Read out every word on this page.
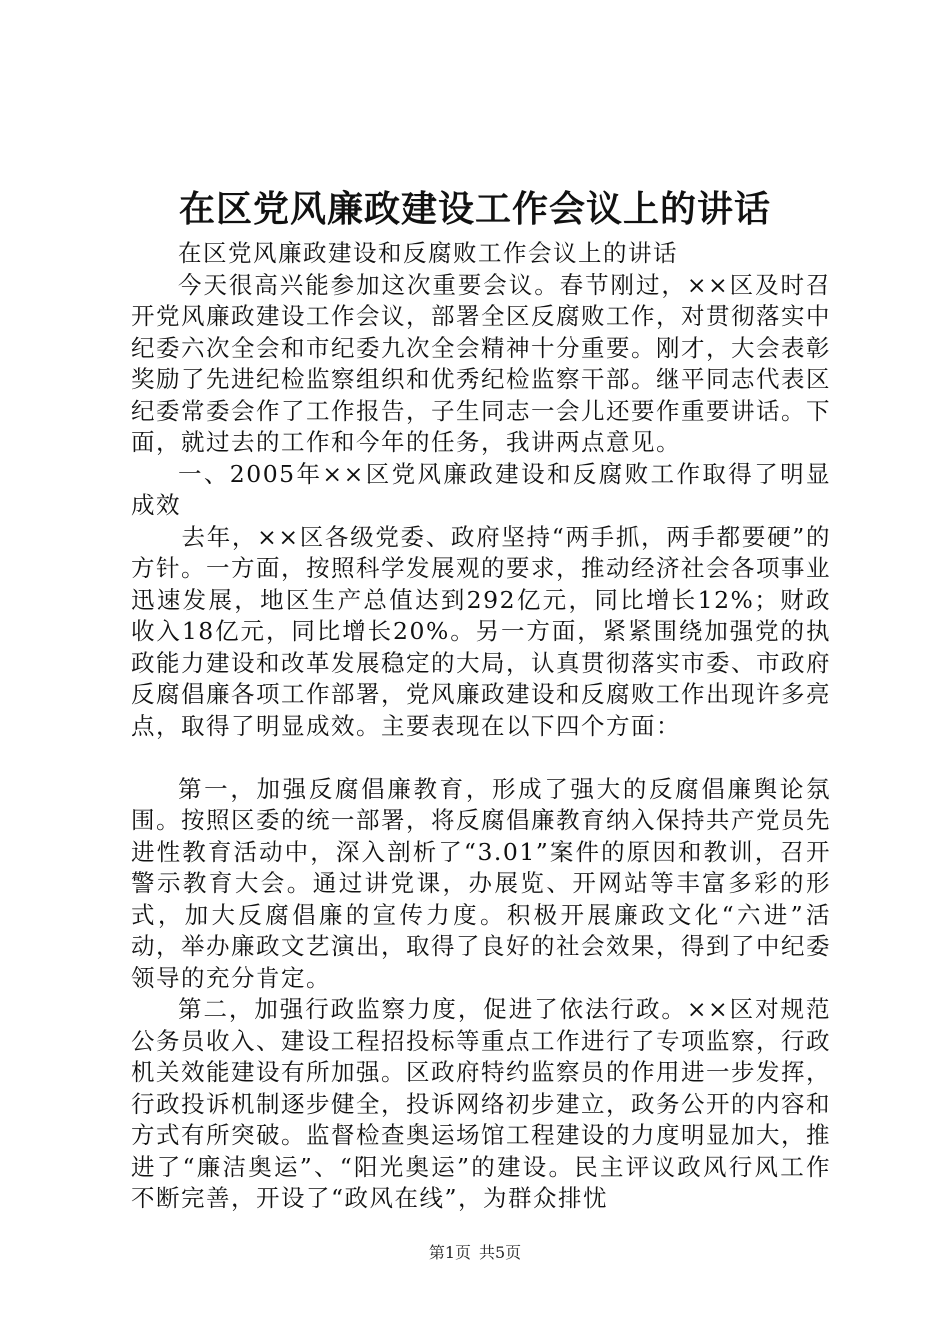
在区党风廉政建设工作会议上的讲话

在区党风廉政建设和反腐败工作会议上的讲话

今天很高兴能参加这次重要会议。春节刚过，××区及时召开党风廉政建设工作会议，部署全区反腐败工作，对贯彻落实中纪委六次全会和市纪委九次全会精神十分重要。刚才，大会表彰奖励了先进纪检监察组织和优秀纪检监察干部。继平同志代表区纪委常委会作了工作报告，子生同志一会儿还要作重要讲话。下面，就过去的工作和今年的任务，我讲两点意见。

一、2005年××区党风廉政建设和反腐败工作取得了明显成效

去年，××区各级党委、政府坚持“两手抓，两手都要硬”的方针。一方面，按照科学发展观的要求，推动经济社会各项事业迅速发展，地区生产总值达到292亿元，同比增长12%；财政收入18亿元，同比增长20%。另一方面，紧紧围绕加强党的执政能力建设和改革发展稳定的大局，认真贯彻落实市委、市政府反腐倡廉各项工作部署，党风廉政建设和反腐败工作出现许多亮点，取得了明显成效。主要表现在以下四个方面：

第一，加强反腐倡廉教育，形成了强大的反腐倡廉舆论氛围。按照区委的统一部署，将反腐倡廉教育纳入保持共产党员先进性教育活动中，深入剖析了“3.01”案件的原因和教训，召开警示教育大会。通过讲党课，办展览、开网站等丰富多彩的形式，加大反腐倡廉的宣传力度。积极开展廉政文化“六进”活动，举办廉政文艺演出，取得了良好的社会效果，得到了中纪委领导的充分肯定。

第二，加强行政监察力度，促进了依法行政。××区对规范公务员收入、建设工程招投标等重点工作进行了专项监察，行政机关效能建设有所加强。区政府特约监察员的作用进一步发挥，行政投诉机制逐步健全，投诉网络初步建立，政务公开的内容和方式有所突破。监督检查奥运场馆工程建设的力度明显加大，推进了“廉洁奥运”、“阳光奥运”的建设。民主评议政风行风工作不断完善，开设了“政风在线”，为群众排忧

第1页 共5页
